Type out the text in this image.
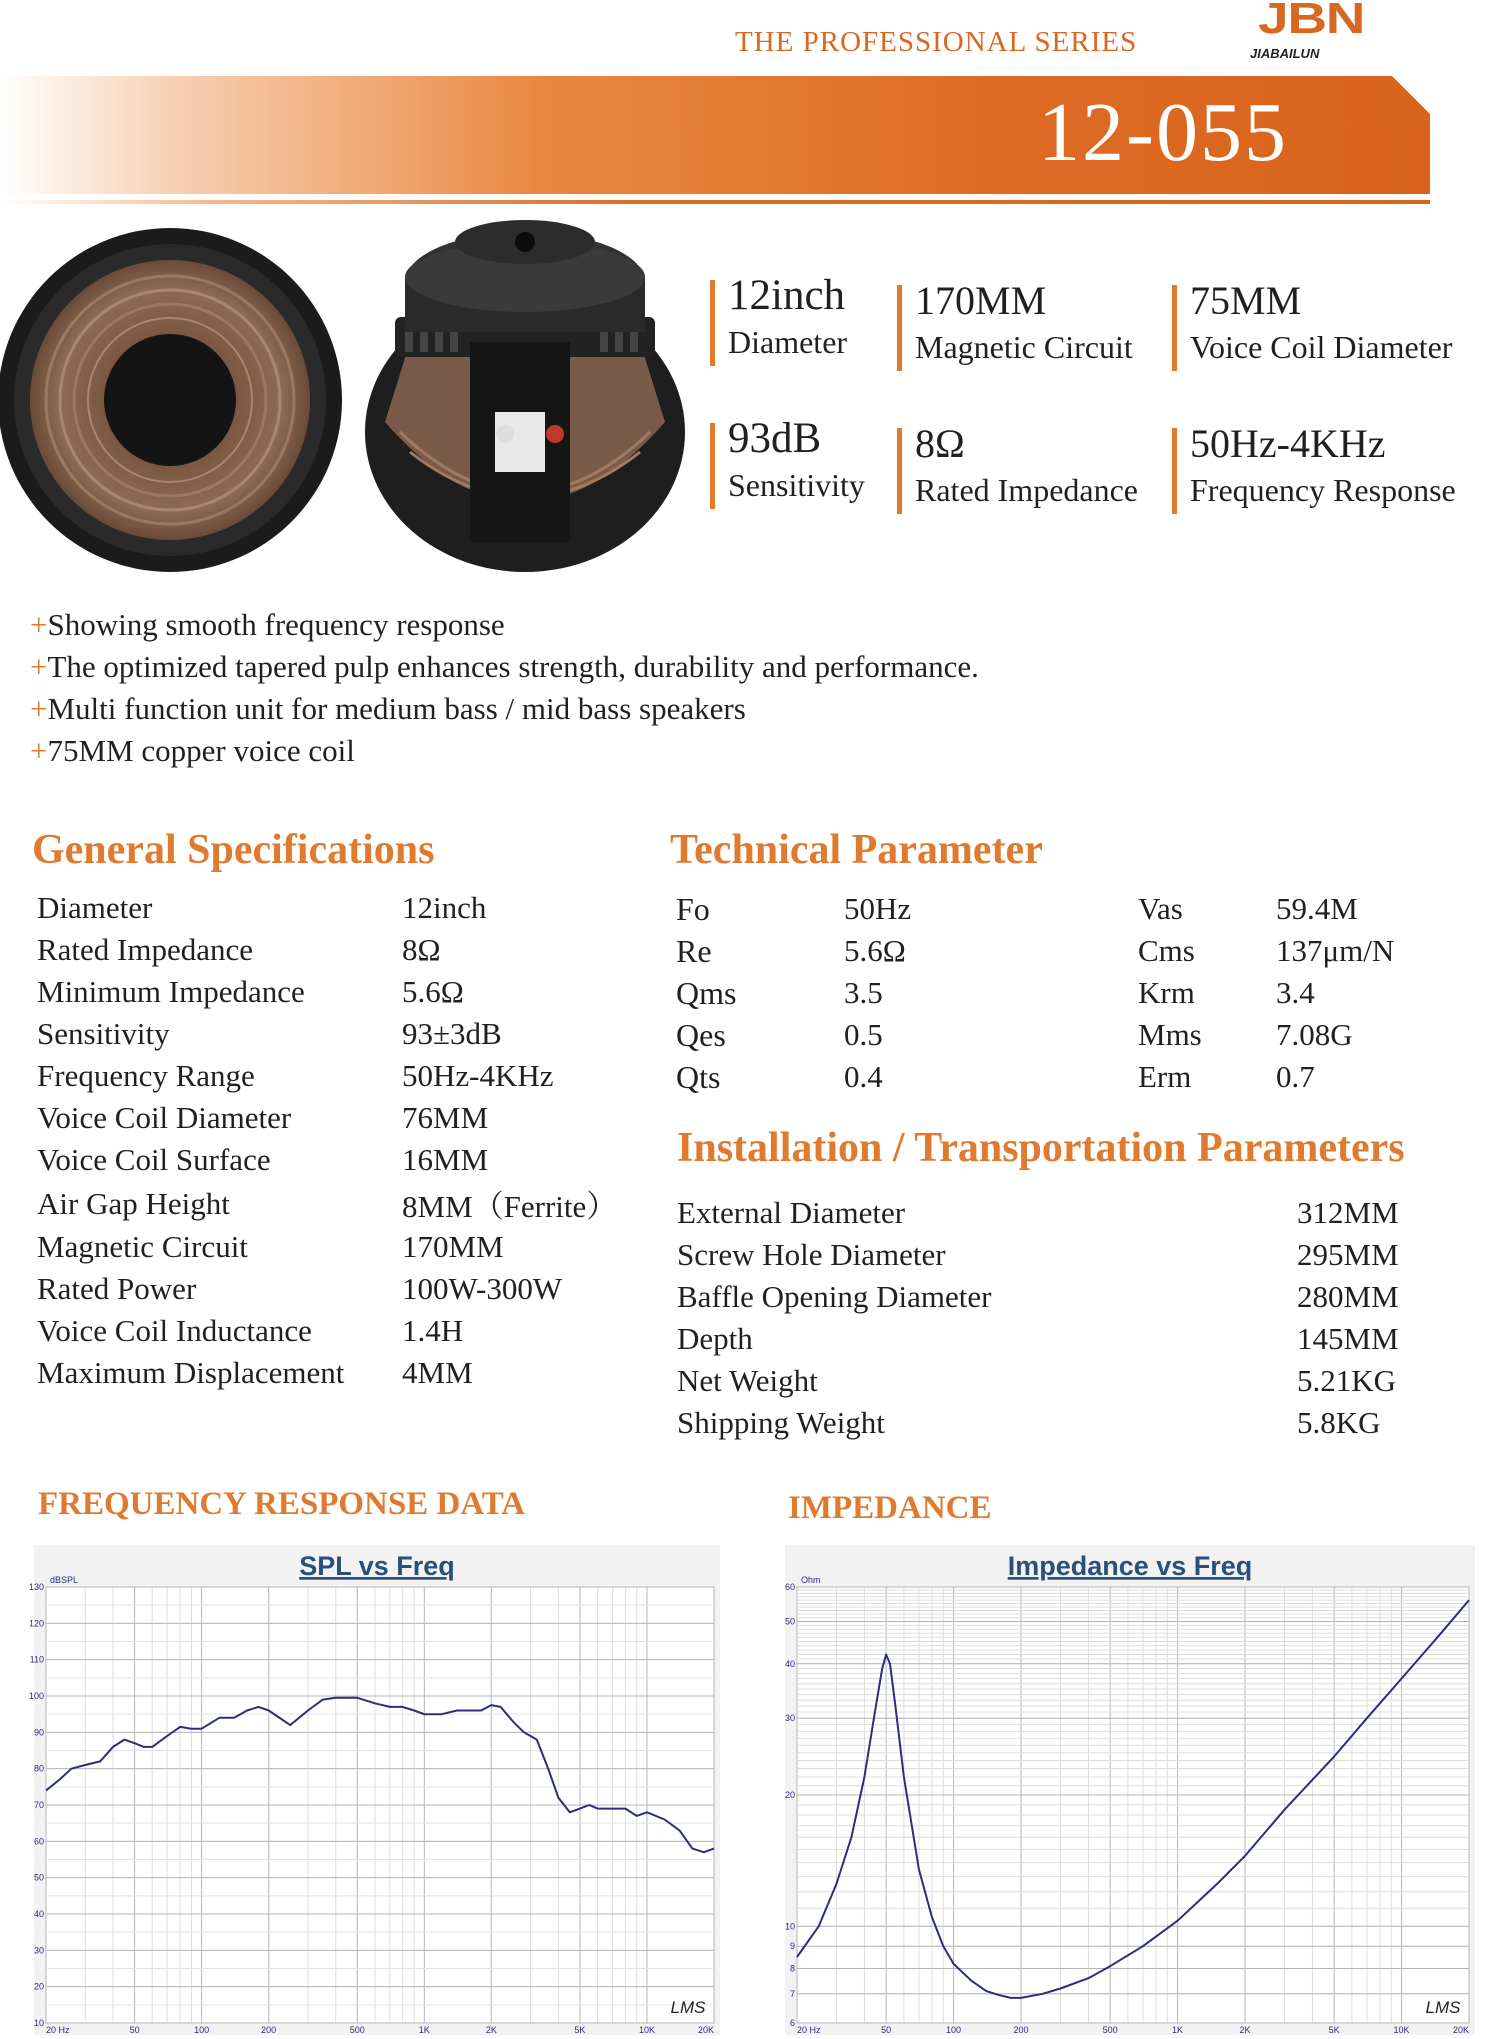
THE PROFESSIONAL SERIES	JBN
JIABAILUN
12-055
12inch
Diameter
170MM
Magnetic Circuit
75MM
Voice Coil Diameter
93dB
Sensitivity
8Ω
Rated Impedance
50Hz-4KHz
Frequency Response
+Showing smooth frequency response
+The optimized tapered pulp enhances strength, durability and performance.
+Multi function unit for medium bass / mid bass speakers
+75MM copper voice coil
General Specifications
Diameter	12inch
Rated Impedance	8Ω
Minimum Impedance	5.6Ω
Sensitivity	93±3dB
Frequency Range	50Hz-4KHz
Voice Coil Diameter	76MM
Voice Coil Surface	16MM
Air Gap Height	8MM（Ferrite）
Magnetic Circuit	170MM
Rated Power	100W-300W
Voice Coil Inductance	1.4H
Maximum Displacement	4MM
Technical Parameter
Fo	50Hz	Vas	59.4M
Re	5.6Ω	Cms	137μm/N
Qms	3.5	Krm	3.4
Qes	0.5	Mms	7.08G
Qts	0.4	Erm	0.7
Installation / Transportation Parameters
External Diameter	312MM
Screw Hole Diameter	295MM
Baffle Opening Diameter	280MM
Depth	145MM
Net Weight	5.21KG
Shipping Weight	5.8KG
FREQUENCY RESPONSE DATA	IMPEDANCE
SPL vs Freq
dBSPL
10
20
30
40
50
60
70
80
90
100
110
120
130
20 Hz	50	100	200	500	1K	2K	5K	10K	20K
LMS
Impedance vs Freq
Ohm
6
7
8
9
10
20
30
40
50
60
20 Hz	50	100	200	500	1K	2K	5K	10K	20K
LMS
